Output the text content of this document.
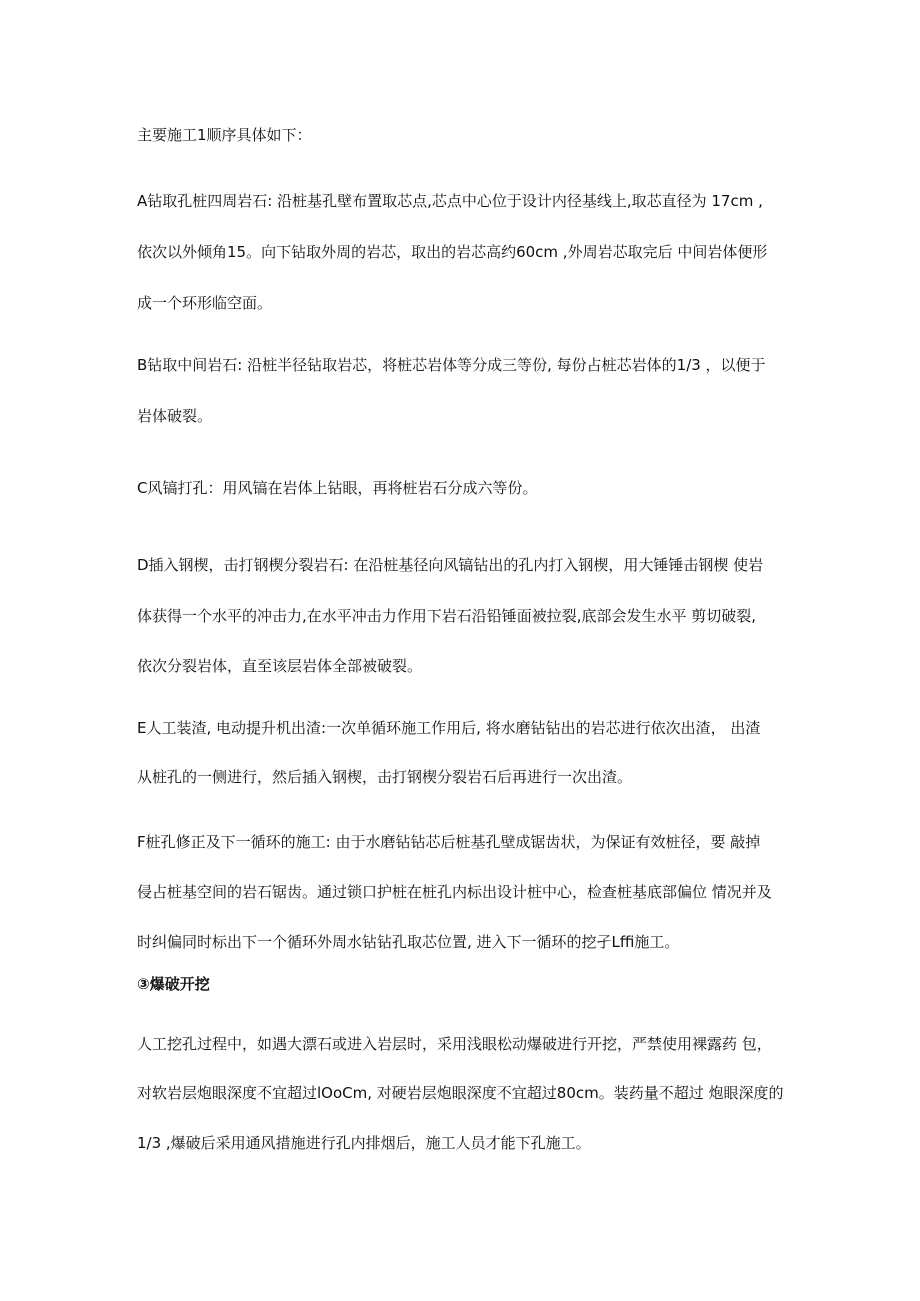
主要施工1顺序具体如下：
A钻取孔桩四周岩石: 沿桩基孔壁布置取芯点,芯点中心位于设计内径基线上,取芯直径为 17cm ,
依次以外倾角15。向下钻取外周的岩芯，取出的岩芯高约60cm ,外周岩芯取完后 中间岩体便形
成一个环形临空面。
B钻取中间岩石: 沿桩半径钻取岩芯，将桩芯岩体等分成三等份, 每份占桩芯岩体的1/3 ，以便于
岩体破裂。
C风镐打孔：用风镐在岩体上钻眼，再将桩岩石分成六等份。
D插入钢楔，击打钢楔分裂岩石: 在沿桩基径向风镐钻出的孔内打入钢楔，用大锤锤击钢楔 使岩
体获得一个水平的冲击力,在水平冲击力作用下岩石沿铅锤面被拉裂,底部会发生水平 剪切破裂,
依次分裂岩体，直至该层岩体全部被破裂。
E人工装渣, 电动提升机出渣:一次单循环施工作用后, 将水磨钻钻出的岩芯进行依次出渣， 出渣
从桩孔的一侧进行，然后插入钢楔，击打钢楔分裂岩石后再进行一次出渣。
F桩孔修正及下一循环的施工: 由于水磨钻钻芯后桩基孔壁成锯齿状，为保证有效桩径，要 敲掉
侵占桩基空间的岩石锯齿。通过锁口护桩在桩孔内标出设计桩中心，检查桩基底部偏位 情况并及
时纠偏同时标出下一个循环外周水钻钻孔取芯位置, 进入下一循环的挖孑Lffi施工。
③爆破开挖
人工挖孔过程中，如遇大漂石或进入岩层时，采用浅眼松动爆破进行开挖，严禁使用裸露药 包，
对软岩层炮眼深度不宜超过lOoCm, 对硬岩层炮眼深度不宜超过80cm。装药量不超过 炮眼深度的
1/3 ,爆破后采用通风措施进行孔内排烟后，施工人员才能下孔施工。
